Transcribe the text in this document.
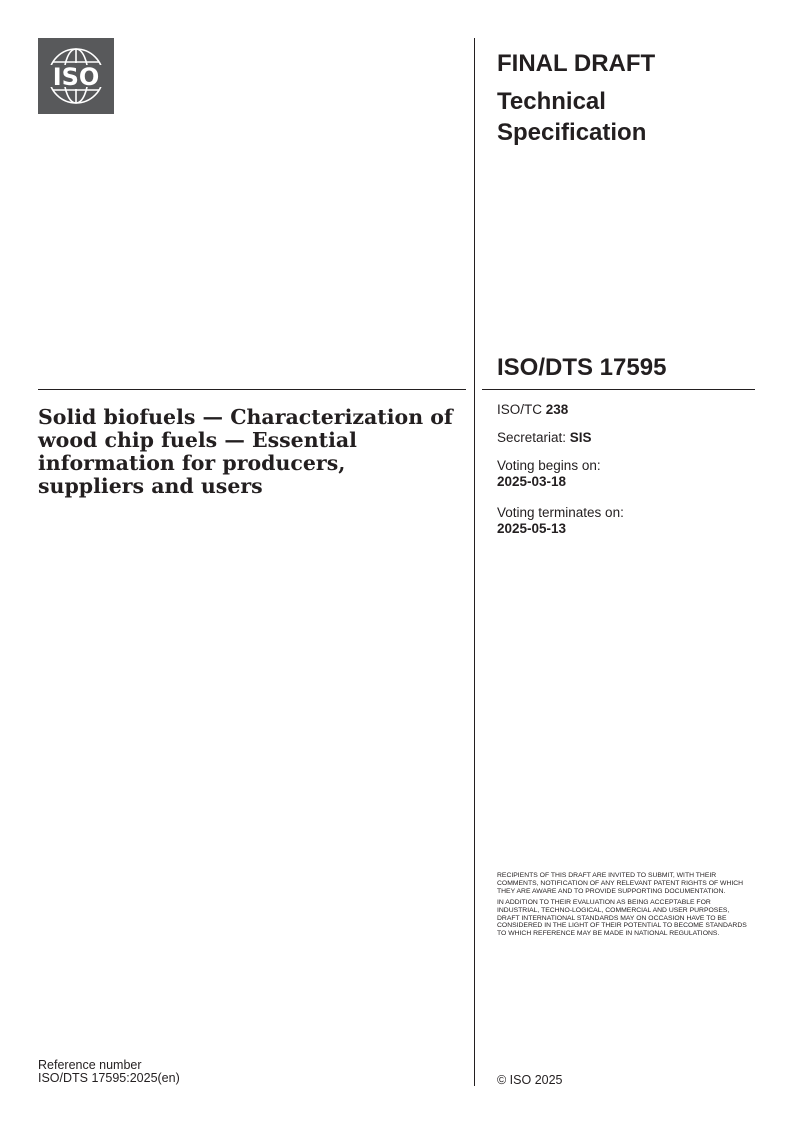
ISO	FINAL DRAFT
Technical Specification
ISO/DTS 17595
Solid biofuels — Characterization of wood chip fuels — Essential information for producers, suppliers and users
ISO/TC 238
Secretariat: SIS
Voting begins on:
2025-03-18
Voting terminates on:
2025-05-13

RECIPIENTS OF THIS DRAFT ARE INVITED TO SUBMIT, WITH THEIR COMMENTS, NOTIFICATION OF ANY RELEVANT PATENT RIGHTS OF WHICH THEY ARE AWARE AND TO PROVIDE SUPPORTING DOCUMENTATION.

IN ADDITION TO THEIR EVALUATION AS BEING ACCEPTABLE FOR INDUSTRIAL, TECHNO-LOGICAL, COMMERCIAL AND USER PURPOSES, DRAFT INTERNATIONAL STANDARDS MAY ON OCCASION HAVE TO BE CONSIDERED IN THE LIGHT OF THEIR POTENTIAL TO BECOME STANDARDS TO WHICH REFERENCE MAY BE MADE IN NATIONAL REGULATIONS.

Reference number
ISO/DTS 17595:2025(en)	© ISO 2025
